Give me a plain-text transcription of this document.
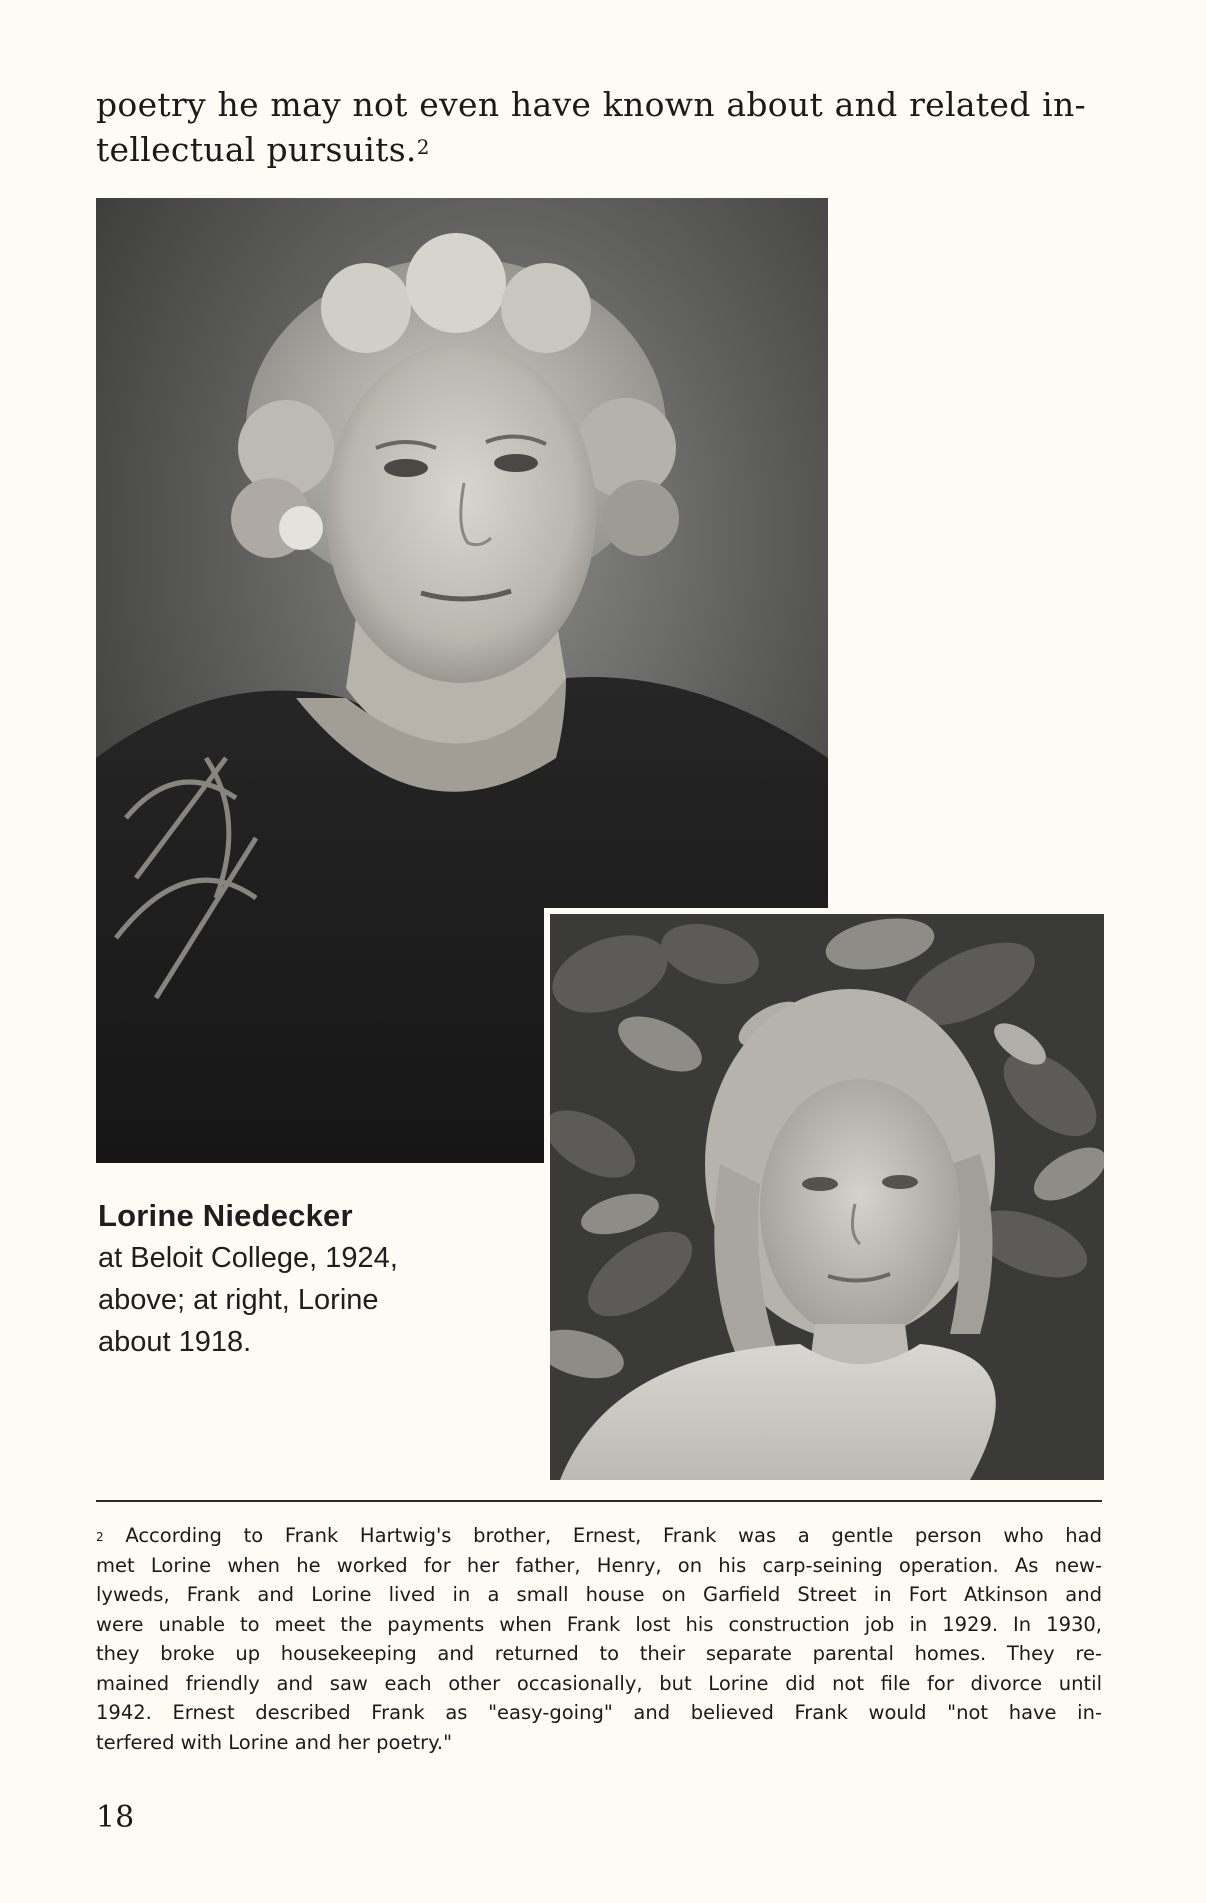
poetry he may not even have known about and related in-
tellectual pursuits.$^2$
Lorine Niedecker
at Beloit College, 1924,
above; at right, Lorine
about 1918.
$^2$ According to Frank Hartwig's brother, Ernest, Frank was a gentle person who had
met Lorine when he worked for her father, Henry, on his carp-seining operation. As new-
lyweds, Frank and Lorine lived in a small house on Garfield Street in Fort Atkinson and
were unable to meet the payments when Frank lost his construction job in 1929. In 1930,
they broke up housekeeping and returned to their separate parental homes. They re-
mained friendly and saw each other occasionally, but Lorine did not file for divorce until
1942. Ernest described Frank as "easy-going" and believed Frank would "not have in-
terfered with Lorine and her poetry."
18
